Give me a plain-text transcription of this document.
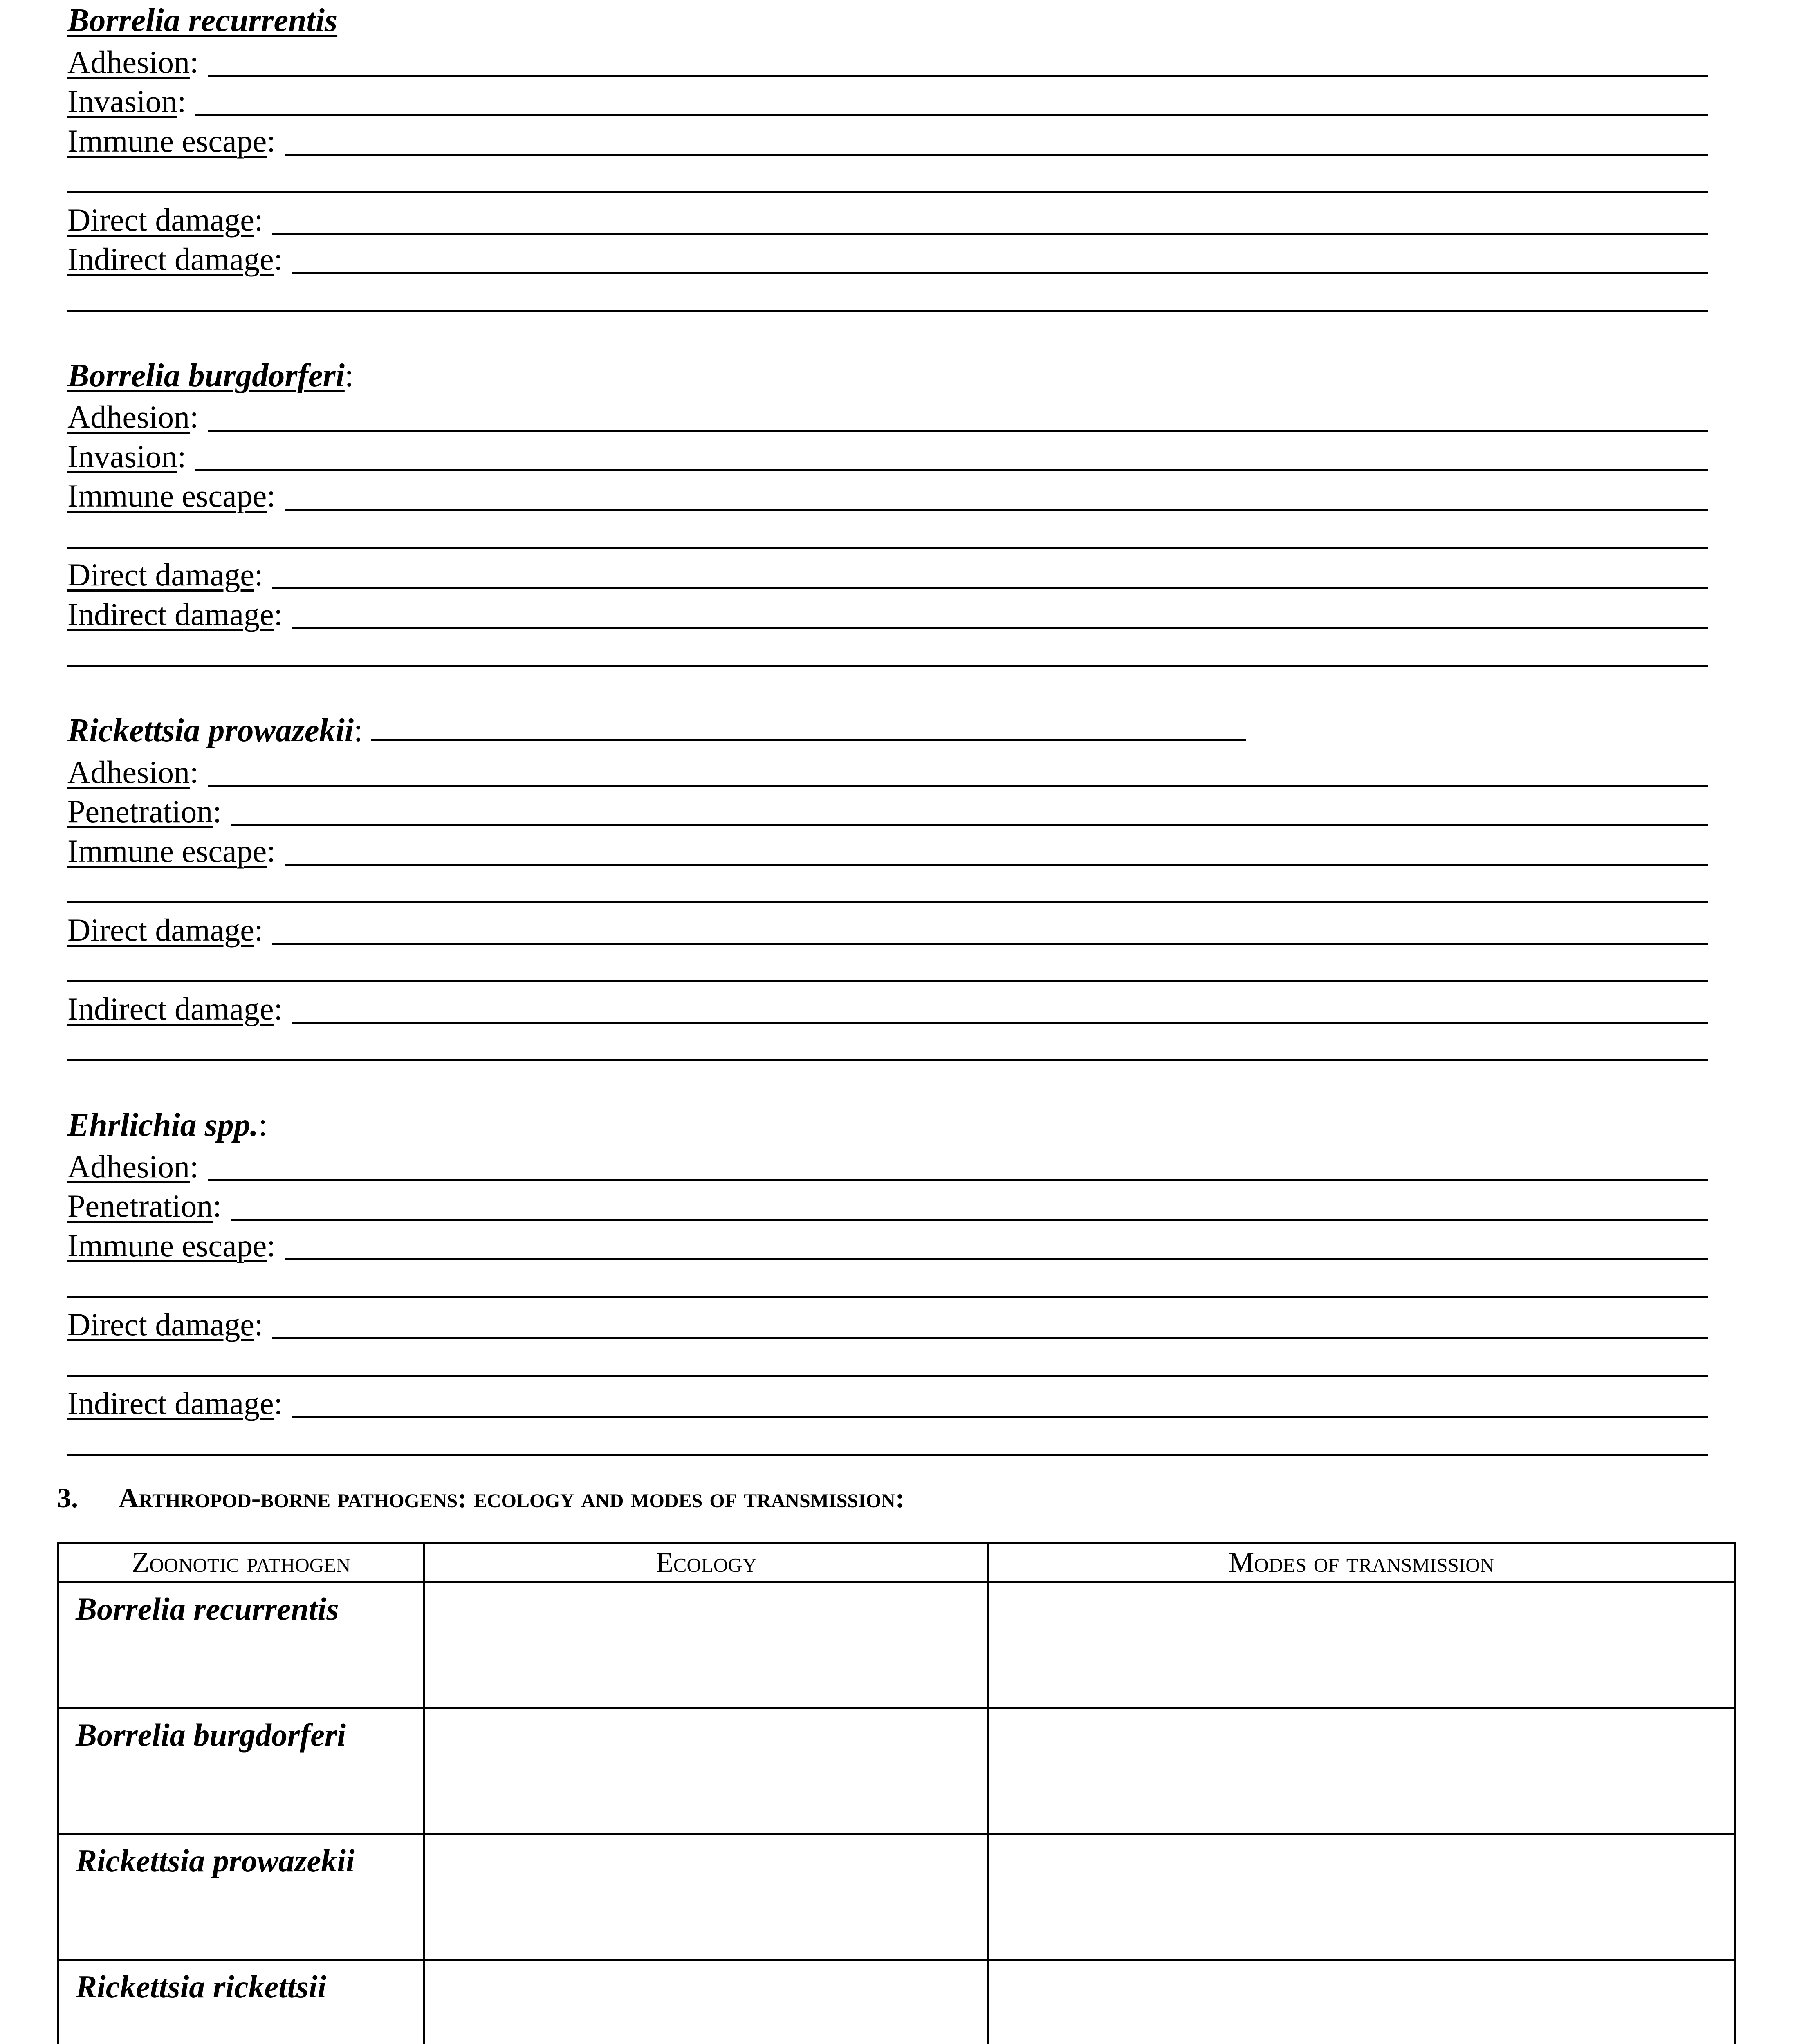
Borrelia recurrentis
Adhesion :
Invasion :
Immune escape :
Direct damage :
Indirect damage :
Borrelia burgdorferi:
Adhesion :
Invasion :
Immune escape :
Direct damage :
Indirect damage :
Rickettsia prowazekii:
Adhesion :
Penetration :
Immune escape :
Direct damage :
Indirect damage :
Ehrlichia spp.:
Adhesion :
Penetration :
Immune escape :
Direct damage :
Indirect damage :
3. Arthropod-borne pathogens: ecology and modes of transmission:
Zoonotic pathogen	Ecology	Modes of transmission
Borrelia recurrentis		
Borrelia burgdorferi		
Rickettsia prowazekii		
Rickettsia rickettsii		
